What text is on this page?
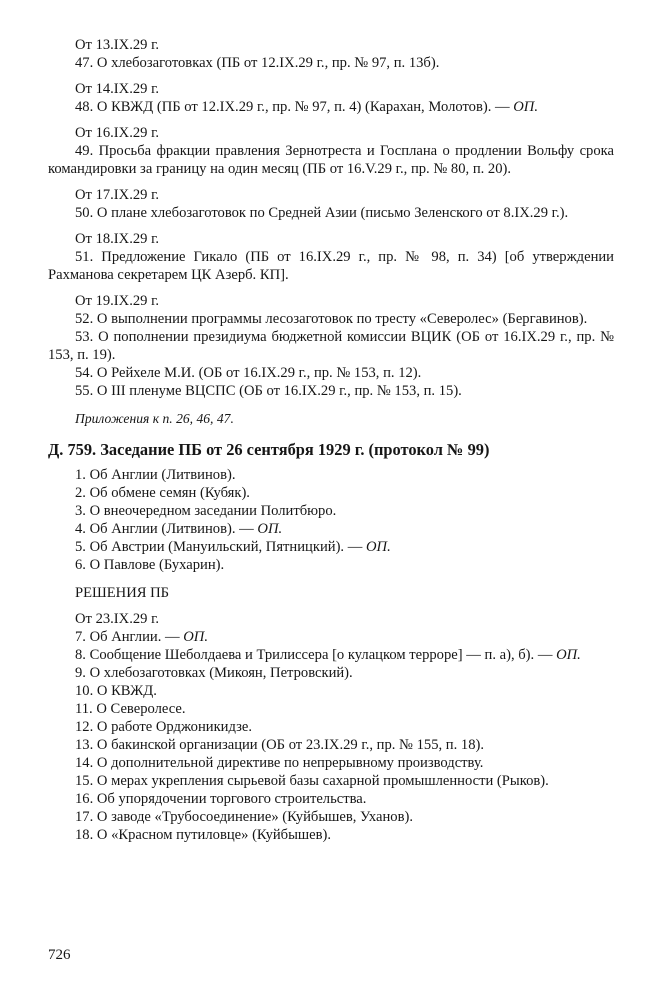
От 13.IX.29 г.

47. О хлебозаготовках (ПБ от 12.IX.29 г., пр. № 97, п. 13б).

От 14.IX.29 г.

48. О КВЖД (ПБ от 12.IX.29 г., пр. № 97, п. 4) (Карахан, Молотов). — ОП.

От 16.IX.29 г.

49. Просьба фракции правления Зернотреста и Госплана о продлении Вольфу срока командировки за границу на один месяц (ПБ от 16.V.29 г., пр. № 80, п. 20).

От 17.IX.29 г.

50. О плане хлебозаготовок по Средней Азии (письмо Зеленского от 8.IX.29 г.).

От 18.IX.29 г.

51. Предложение Гикало (ПБ от 16.IX.29 г., пр. № 98, п. 34) [об утверждении Рахманова секретарем ЦК Азерб. КП].

От 19.IX.29 г.

52. О выполнении программы лесозаготовок по тресту «Северолес» (Бергавинов).

53. О пополнении президиума бюджетной комиссии ВЦИК (ОБ от 16.IX.29 г., пр. № 153, п. 19).

54. О Рейхеле М.И. (ОБ от 16.IX.29 г., пр. № 153, п. 12).

55. О III пленуме ВЦСПС (ОБ от 16.IX.29 г., пр. № 153, п. 15).

Приложения к п. 26, 46, 47.

Д. 759. Заседание ПБ от 26 сентября 1929 г. (протокол № 99)

1. Об Англии (Литвинов).

2. Об обмене семян (Кубяк).

3. О внеочередном заседании Политбюро.

4. Об Англии (Литвинов). — ОП.

5. Об Австрии (Мануильский, Пятницкий). — ОП.

6. О Павлове (Бухарин).

РЕШЕНИЯ ПБ

От 23.IX.29 г.

7. Об Англии. — ОП.

8. Сообщение Шеболдаева и Трилиссера [о кулацком терроре] — п. а), б). — ОП.

9. О хлебозаготовках (Микоян, Петровский).

10. О КВЖД.

11. О Северолесе.

12. О работе Орджоникидзе.

13. О бакинской организации (ОБ от 23.IX.29 г., пр. № 155, п. 18).

14. О дополнительной директиве по непрерывному производству.

15. О мерах укрепления сырьевой базы сахарной промышленности (Рыков).

16. Об упорядочении торгового строительства.

17. О заводе «Трубосоединение» (Куйбышев, Уханов).

18. О «Красном путиловце» (Куйбышев).

726
